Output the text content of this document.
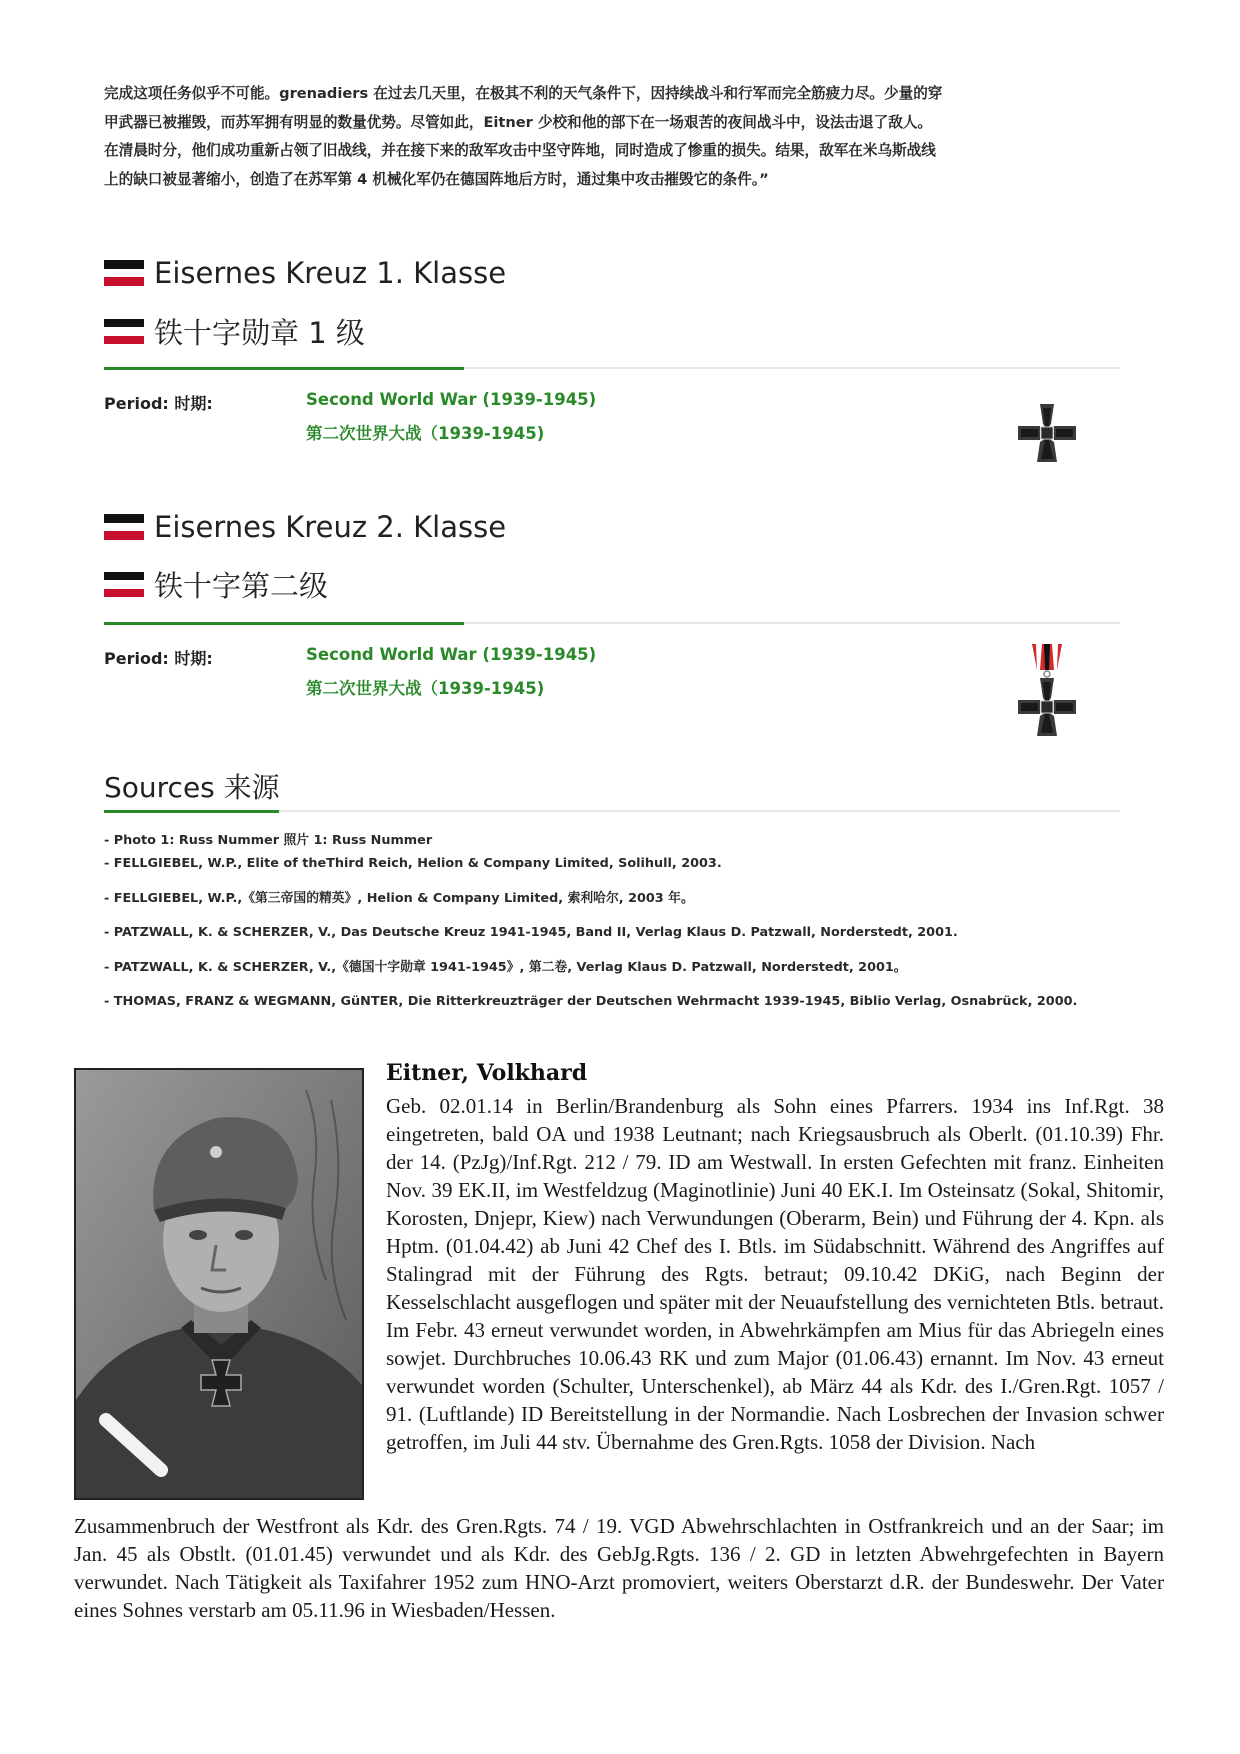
完成这项任务似乎不可能。grenadiers 在过去几天里，在极其不利的天气条件下，因持续战斗和行军而完全筋疲力尽。少量的穿甲武器已被摧毁，而苏军拥有明显的数量优势。尽管如此，Eitner 少校和他的部下在一场艰苦的夜间战斗中，设法击退了敌人。在清晨时分，他们成功重新占领了旧战线，并在接下来的敌军攻击中坚守阵地，同时造成了惨重的损失。结果，敌军在米乌斯战线上的缺口被显著缩小，创造了在苏军第 4 机械化军仍在德国阵地后方时，通过集中攻击摧毁它的条件。”
Eisernes Kreuz 1. Klasse
铁十字勋章 1 级
Period: 时期:	Second World War (1939-1945)
第二次世界大战（1939-1945)
Eisernes Kreuz 2. Klasse
铁十字第二级
Period: 时期:	Second World War (1939-1945)
第二次世界大战（1939-1945)
Sources 来源
- Photo 1: Russ Nummer 照片 1: Russ Nummer
- FELLGIEBEL, W.P., Elite of theThird Reich, Helion & Company Limited, Solihull, 2003.
- FELLGIEBEL, W.P.,《第三帝国的精英》, Helion & Company Limited, 索利哈尔, 2003 年。
- PATZWALL, K. & SCHERZER, V., Das Deutsche Kreuz 1941-1945, Band II, Verlag Klaus D. Patzwall, Norderstedt, 2001.
- PATZWALL, K. & SCHERZER, V.,《德国十字勋章 1941-1945》, 第二卷, Verlag Klaus D. Patzwall, Norderstedt, 2001。
- THOMAS, FRANZ & WEGMANN, GüNTER, Die Ritterkreuzträger der Deutschen Wehrmacht 1939-1945, Biblio Verlag, Osnabrück, 2000.
Eitner, Volkhard
Geb. 02.01.14 in Berlin/Brandenburg als Sohn eines Pfarrers. 1934 ins Inf.Rgt. 38 eingetreten, bald OA und 1938 Leutnant; nach Kriegsausbruch als Oberlt. (01.10.39) Fhr. der 14. (PzJg)/Inf.Rgt. 212 / 79. ID am Westwall. In ersten Gefechten mit franz. Einheiten Nov. 39 EK.II, im Westfeldzug (Maginotlinie) Juni 40 EK.I. Im Osteinsatz (Sokal, Shitomir, Korosten, Dnjepr, Kiew) nach Verwundungen (Oberarm, Bein) und Führung der 4. Kpn. als Hptm. (01.04.42) ab Juni 42 Chef des I. Btls. im Südabschnitt. Während des Angriffes auf Stalingrad mit der Führung des Rgts. betraut; 09.10.42 DKiG, nach Beginn der Kesselschlacht ausgeflogen und später mit der Neuaufstellung des vernichteten Btls. betraut. Im Febr. 43 erneut verwundet worden, in Abwehrkämpfen am Mius für das Abriegeln eines sowjet. Durchbruches 10.06.43 RK und zum Major (01.06.43) ernannt. Im Nov. 43 erneut verwundet worden (Schulter, Unterschenkel), ab März 44 als Kdr. des I./Gren.Rgt. 1057 / 91. (Luftlande) ID Bereitstellung in der Normandie. Nach Losbrechen der Invasion schwer getroffen, im Juli 44 stv. Übernahme des Gren.Rgts. 1058 der Division. Nach
Zusammenbruch der Westfront als Kdr. des Gren.Rgts. 74 / 19. VGD Abwehrschlachten in Ostfrankreich und an der Saar; im Jan. 45 als Obstlt. (01.01.45) verwundet und als Kdr. des GebJg.Rgts. 136 / 2. GD in letzten Abwehrgefechten in Bayern verwundet. Nach Tätigkeit als Taxifahrer 1952 zum HNO-Arzt promoviert, weiters Oberstarzt d.R. der Bundeswehr. Der Vater eines Sohnes verstarb am 05.11.96 in Wiesbaden/Hessen.
